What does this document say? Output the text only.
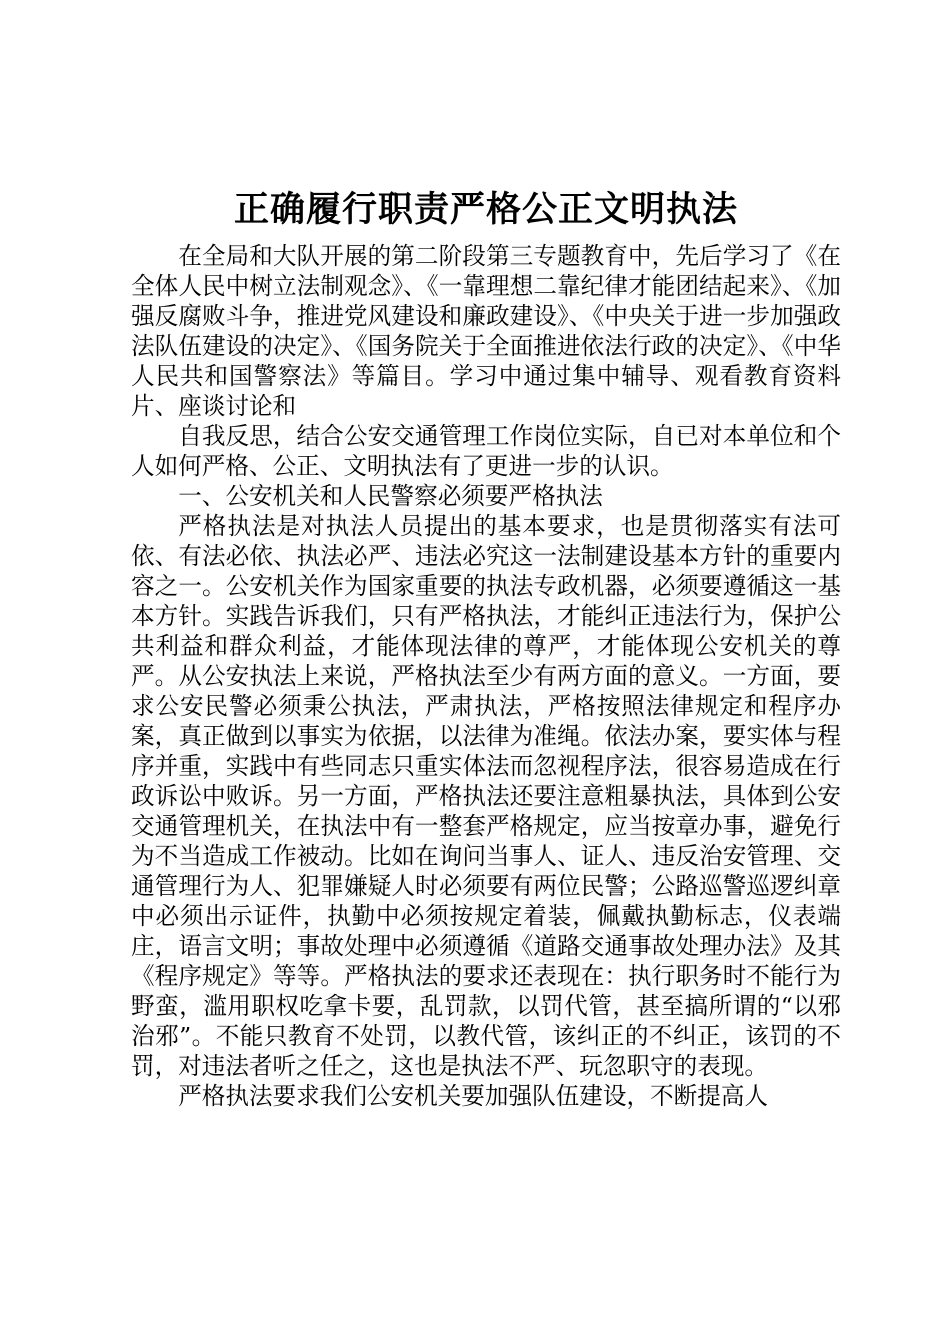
正确履行职责严格公正文明执法

在全局和大队开展的第二阶段第三专题教育中，先后学习了《在全体人民中树立法制观念》、《一靠理想二靠纪律才能团结起来》、《加强反腐败斗争，推进党风建设和廉政建设》、《中央关于进一步加强政法队伍建设的决定》、《国务院关于全面推进依法行政的决定》、《中华人民共和国警察法》等篇目。学习中通过集中辅导、观看教育资料片、座谈讨论和

自我反思，结合公安交通管理工作岗位实际，自已对本单位和个人如何严格、公正、文明执法有了更进一步的认识。

一、公安机关和人民警察必须要严格执法

严格执法是对执法人员提出的基本要求，也是贯彻落实有法可依、有法必依、执法必严、违法必究这一法制建设基本方针的重要内容之一。公安机关作为国家重要的执法专政机器，必须要遵循这一基本方针。实践告诉我们，只有严格执法，才能纠正违法行为，保护公共利益和群众利益，才能体现法律的尊严，才能体现公安机关的尊严。从公安执法上来说，严格执法至少有两方面的意义。一方面，要求公安民警必须秉公执法，严肃执法，严格按照法律规定和程序办案，真正做到以事实为依据，以法律为准绳。依法办案，要实体与程序并重，实践中有些同志只重实体法而忽视程序法，很容易造成在行政诉讼中败诉。另一方面，严格执法还要注意粗暴执法，具体到公安交通管理机关，在执法中有一整套严格规定，应当按章办事，避免行为不当造成工作被动。比如在询问当事人、证人、违反治安管理、交通管理行为人、犯罪嫌疑人时必须要有两位民警；公路巡警巡逻纠章中必须出示证件，执勤中必须按规定着装，佩戴执勤标志，仪表端庄，语言文明；事故处理中必须遵循《道路交通事故处理办法》及其《程序规定》等等。严格执法的要求还表现在：执行职务时不能行为野蛮，滥用职权吃拿卡要，乱罚款，以罚代管，甚至搞所谓的“以邪治邪”。不能只教育不处罚，以教代管，该纠正的不纠正，该罚的不罚，对违法者听之任之，这也是执法不严、玩忽职守的表现。

严格执法要求我们公安机关要加强队伍建设，不断提高人
